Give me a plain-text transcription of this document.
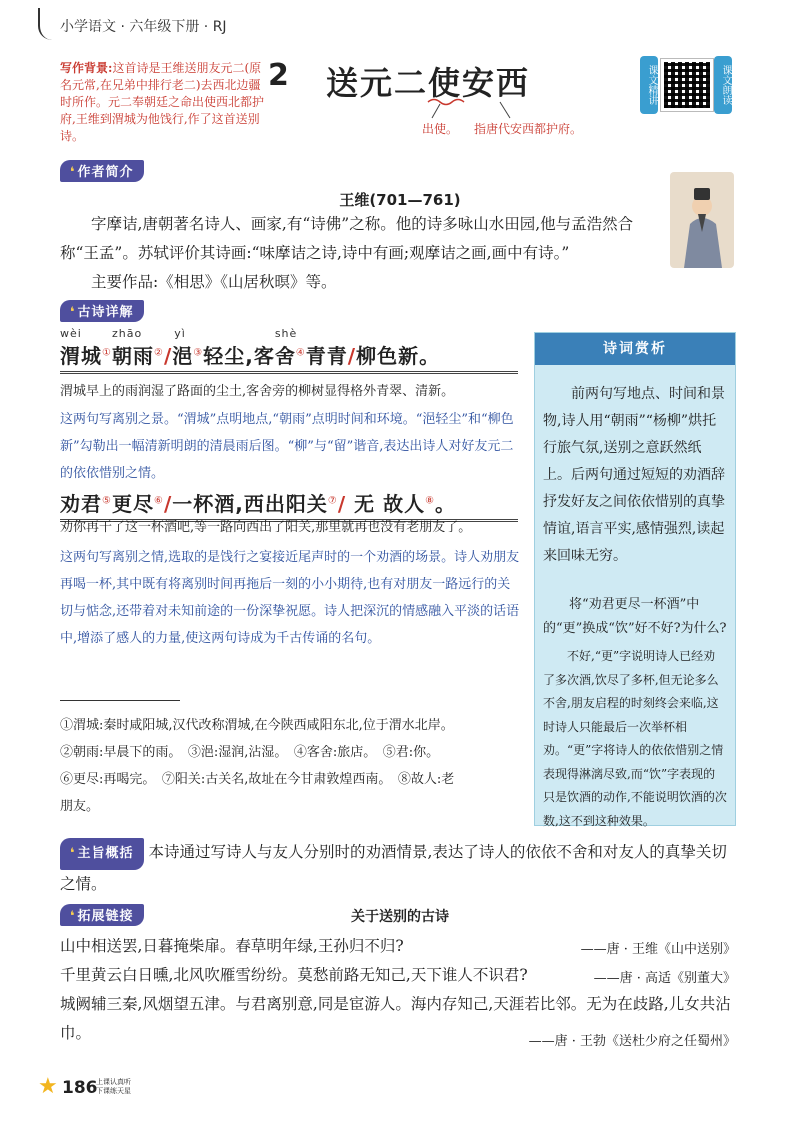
小学语文 · 六年级下册 · RJ
写作背景:这首诗是王维送朋友元二(原名元常,在兄弟中排行老二)去西北边疆时所作。元二奉朝廷之命出使西北都护府,王维到渭城为他饯行,作了这首送别诗。
2 送元二使安西
出使。 指唐代安西都护府。
课文精讲	课文朗读
❛ 作者简介
王维(701—761)
字摩诘,唐朝著名诗人、画家,有“诗佛”之称。他的诗多咏山水田园,他与孟浩然合称“王孟”。苏轼评价其诗画:“味摩诘之诗,诗中有画;观摩诘之画,画中有诗。”
主要作品:《相思》《山居秋暝》等。
❛ 古诗详解
wèi
渭城①
zhāo
朝雨②/
yì
浥③轻尘,客
shè
舍④青青/柳色新。
渭城早上的雨润湿了路面的尘土,客舍旁的柳树显得格外青翠、清新。
这两句写离别之景。“渭城”点明地点,“朝雨”点明时间和环境。“浥轻尘”和“柳色新”勾勒出一幅清新明朗的清晨雨后图。“柳”与“留”谐音,表达出诗人对好友元二的依依惜别之情。
劝君⑤更尽⑥/一杯酒,西出阳关⑦/ 无 故人⑧。
劝你再干了这一杯酒吧,等一路向西出了阳关,那里就再也没有老朋友了。
这两句写离别之情,选取的是饯行之宴接近尾声时的一个劝酒的场景。诗人劝朋友再喝一杯,其中既有将离别时间再拖后一刻的小小期待,也有对朋友一路远行的关切与惦念,还带着对未知前途的一份深挚祝愿。诗人把深沉的情感融入平淡的话语中,增添了感人的力量,使这两句诗成为千古传诵的名句。
①渭城:秦时咸阳城,汉代改称渭城,在今陕西咸阳东北,位于渭水北岸。
②朝雨:早晨下的雨。　③浥:湿润,沾湿。　④客舍:旅店。　⑤君:你。
⑥更尽:再喝完。　⑦阳关:古关名,故址在今甘肃敦煌西南。　⑧故人:老
朋友。
诗词赏析
前两句写地点、时间和景物,诗人用“朝雨”“杨柳”烘托行旅气氛,送别之意跃然纸上。后两句通过短短的劝酒辞抒发好友之间依依惜别的真挚情谊,语言平实,感情强烈,读起来回味无穷。
将“劝君更尽一杯酒”中的“更”换成“饮”好不好?为什么?
不好,“更”字说明诗人已经劝了多次酒,饮尽了多杯,但无论多么不舍,朋友启程的时刻终会来临,这时诗人只能最后一次举杯相劝。“更”字将诗人的依依惜别之情表现得淋漓尽致,而“饮”字表现的只是饮酒的动作,不能说明饮酒的次数,这不到这种效果。
❛ 主旨概括 本诗通过写诗人与友人分别时的劝酒情景,表达了诗人的依依不舍和对友人的真挚关切之情。
❛ 拓展链接	关于送别的古诗
山中相送罢,日暮掩柴扉。春草明年绿,王孙归不归?	——唐 · 王维《山中送别》
千里黄云白日曛,北风吹雁雪纷纷。莫愁前路无知己,天下谁人不识君?	——唐 · 高适《别董大》
城阙辅三秦,风烟望五津。与君离别意,同是宦游人。海内存知己,天涯若比邻。无为在歧路,儿女共沾巾。	——唐 · 王勃《送杜少府之任蜀州》
★ 186
上课认真听
下课练天星
